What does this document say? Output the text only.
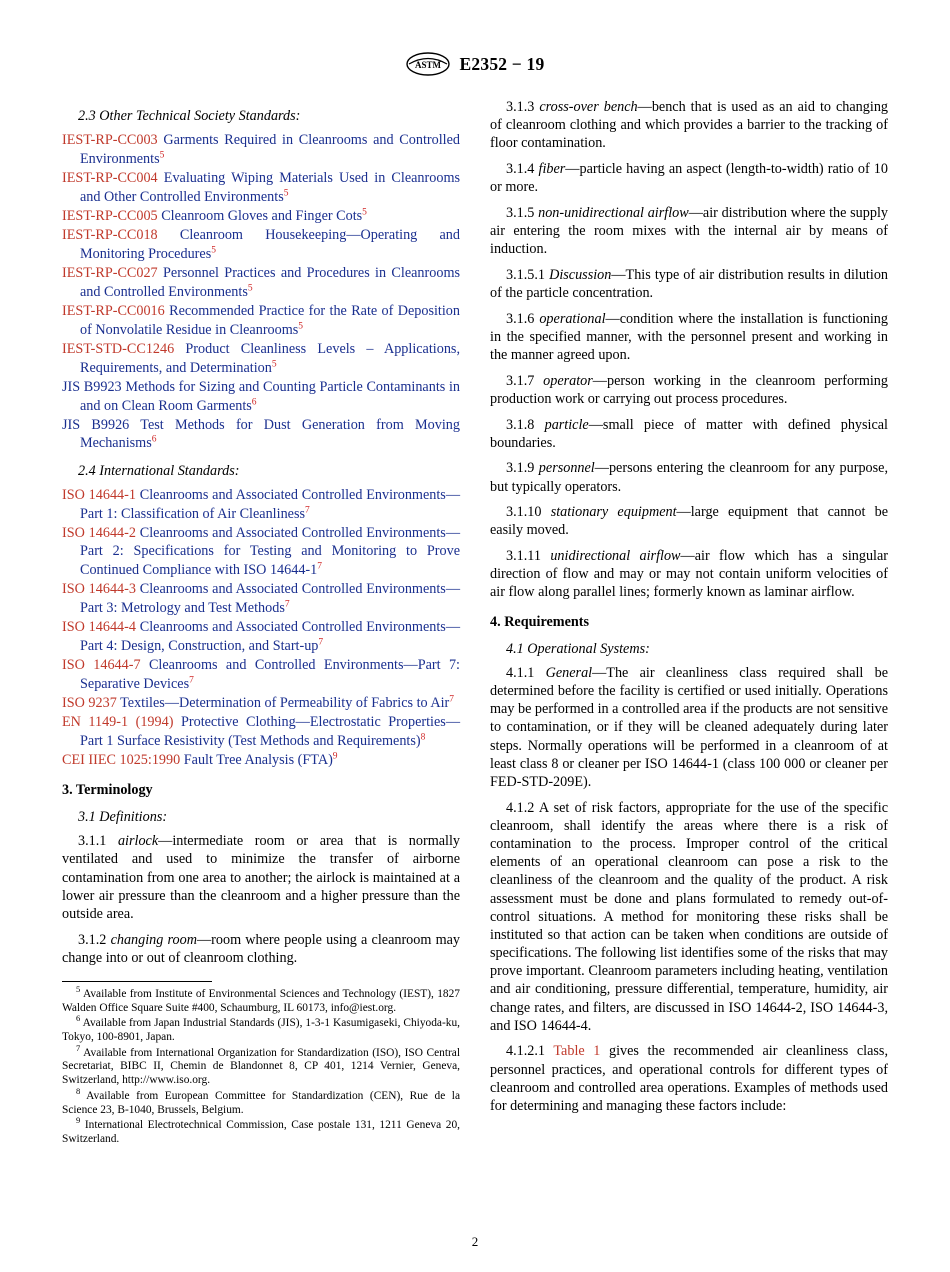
ASTM E2352 − 19

2.3 Other Technical Society Standards:

IEST-RP-CC003 Garments Required in Cleanrooms and Controlled Environments$^5$

IEST-RP-CC004 Evaluating Wiping Materials Used in Cleanrooms and Other Controlled Environments$^5$

IEST-RP-CC005 Cleanroom Gloves and Finger Cots$^5$

IEST-RP-CC018 Cleanroom Housekeeping—Operating and Monitoring Procedures$^5$

IEST-RP-CC027 Personnel Practices and Procedures in Cleanrooms and Controlled Environments$^5$

IEST-RP-CC0016 Recommended Practice for the Rate of Deposition of Nonvolatile Residue in Cleanrooms$^5$

IEST-STD-CC1246 Product Cleanliness Levels – Applications, Requirements, and Determination$^5$

JIS B9923 Methods for Sizing and Counting Particle Contaminants in and on Clean Room Garments$^6$

JIS B9926 Test Methods for Dust Generation from Moving Mechanisms$^6$

2.4 International Standards:

ISO 14644-1 Cleanrooms and Associated Controlled Environments—Part 1: Classification of Air Cleanliness$^7$

ISO 14644-2 Cleanrooms and Associated Controlled Environments—Part 2: Specifications for Testing and Monitoring to Prove Continued Compliance with ISO $14644-1^7$

ISO 14644-3 Cleanrooms and Associated Controlled Environments—Part 3: Metrology and Test Methods$^7$

ISO 14644-4 Cleanrooms and Associated Controlled Environments—Part 4: Design, Construction, and Start-$up^7$

ISO 14644-7 Cleanrooms and Controlled Environments—Part 7: Separative Devices$^7$

ISO 9237 Textiles—Determination of Permeability of Fabrics to Air$^7$

EN 1149-1 (1994) Protective Clothing—Electrostatic Properties—Part 1 Surface Resistivity (Test Methods and Requirements)$^8$

CEI IIEC 1025:1990 Fault Tree Analysis (FTA)$^9$

3. Terminology

3.1 Definitions:

3.1.1 airlock—intermediate room or area that is normally ventilated and used to minimize the transfer of airborne contamination from one area to another; the airlock is maintained at a lower air pressure than the cleanroom and a higher pressure than the outside area.

3.1.2 changing room—room where people using a cleanroom may change into or out of cleanroom clothing.

$^5$ Available from Institute of Environmental Sciences and Technology (IEST), 1827 Walden Office Square Suite #400, Schaumburg, IL 60173, info@iest.org.

$^6$ Available from Japan Industrial Standards (JIS), 1-3-1 Kasumigaseki, Chiyoda-ku, Tokyo, 100-8901, Japan.

$^7$ Available from International Organization for Standardization (ISO), ISO Central Secretariat, BIBC II, Chemin de Blandonnet 8, CP 401, 1214 Vernier, Geneva, Switzerland, http://www.iso.org.

$^8$ Available from European Committee for Standardization (CEN), Rue de la Science 23, B-1040, Brussels, Belgium.

$^9$ International Electrotechnical Commission, Case postale 131, 1211 Geneva 20, Switzerland.

3.1.3 cross-over bench—bench that is used as an aid to changing of cleanroom clothing and which provides a barrier to the tracking of floor contamination.

3.1.4 fiber—particle having an aspect (length-to-width) ratio of 10 or more.

3.1.5 non-unidirectional airflow—air distribution where the supply air entering the room mixes with the internal air by means of induction.

3.1.5.1 Discussion—This type of air distribution results in dilution of the particle concentration.

3.1.6 operational—condition where the installation is functioning in the specified manner, with the personnel present and working in the manner agreed upon.

3.1.7 operator—person working in the cleanroom performing production work or carrying out process procedures.

3.1.8 particle—small piece of matter with defined physical boundaries.

3.1.9 personnel—persons entering the cleanroom for any purpose, but typically operators.

3.1.10 stationary equipment—large equipment that cannot be easily moved.

3.1.11 unidirectional airflow—air flow which has a singular direction of flow and may or may not contain uniform velocities of air flow along parallel lines; formerly known as laminar airflow.

4. Requirements

4.1 Operational Systems:

4.1.1 General—The air cleanliness class required shall be determined before the facility is certified or used initially. Operations may be performed in a controlled area if the products are not sensitive to contamination, or if they will be cleaned adequately during later steps. Normally operations will be performed in a cleanroom of at least class 8 or cleaner per ISO 14644-1 (class 100 000 or cleaner per FED-STD-209E).

4.1.2 A set of risk factors, appropriate for the use of the specific cleanroom, shall identify the areas where there is a risk of contamination to the process. Improper control of the critical elements of an operational cleanroom can pose a risk to the cleanliness of the cleanroom and the quality of the product. A risk assessment must be done and plans formulated to remedy out-of-control situations. A method for monitoring these risks shall be instituted so that action can be taken when conditions are outside of specifications. The following list identifies some of the risks that may prove important. Cleanroom parameters including heating, ventilation and air conditioning, pressure differential, temperature, humidity, air change rates, and filters, are discussed in ISO 14644-2, ISO 14644-3, and ISO 14644-4.

4.1.2.1 Table 1 gives the recommended air cleanliness class, personnel practices, and operational controls for different types of cleanroom and controlled area operations. Examples of methods used for determining and managing these factors include:

2
